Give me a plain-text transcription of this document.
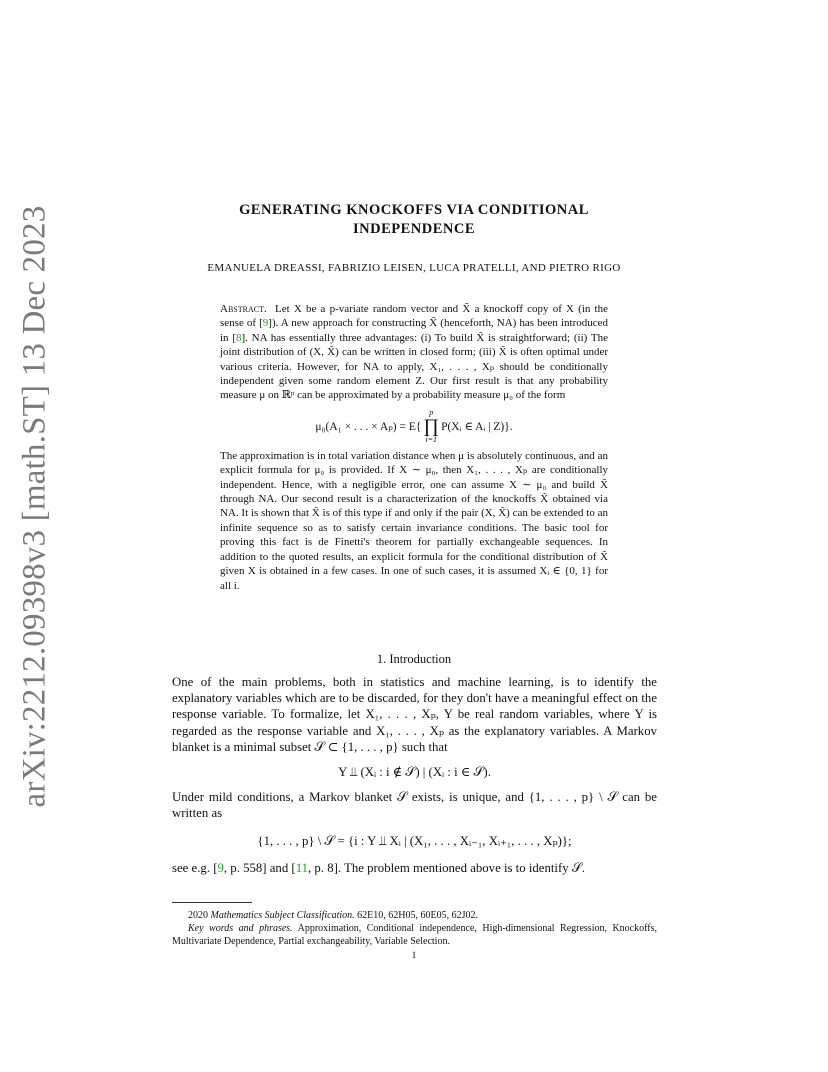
arXiv:2212.09398v3 [math.ST] 13 Dec 2023	GENERATING KNOCKOFFS VIA CONDITIONAL
INDEPENDENCE
EMANUELA DREASSI, FABRIZIO LEISEN, LUCA PRATELLI, AND PIETRO RIGO

Abstract. Let X be a p-variate random vector and X̃ a knockoff copy of X (in the sense of [9]). A new approach for constructing X̃ (henceforth, NA) has been introduced in [8]. NA has essentially three advantages: (i) To build X̃ is straightforward; (ii) The joint distribution of (X, X̃) can be written in closed form; (iii) X̃ is often optimal under various criteria. However, for NA to apply, X₁, . . . , Xₚ should be conditionally independent given some random element Z. Our first result is that any probability measure μ on ℝᵖ can be approximated by a probability measure μ₀ of the form

μ₀(A₁ × . . . × Aₚ) = E{
p
∏
i=1
P(Xᵢ ∈ Aᵢ | Z)}.

The approximation is in total variation distance when μ is absolutely continuous, and an explicit formula for μ₀ is provided. If X ∼ μ₀, then X₁, . . . , Xₚ are conditionally independent. Hence, with a negligible error, one can assume X ∼ μ₀ and build X̃ through NA. Our second result is a characterization of the knockoffs X̃ obtained via NA. It is shown that X̃ is of this type if and only if the pair (X, X̃) can be extended to an infinite sequence so as to satisfy certain invariance conditions. The basic tool for proving this fact is de Finetti's theorem for partially exchangeable sequences. In addition to the quoted results, an explicit formula for the conditional distribution of X̃ given X is obtained in a few cases. In one of such cases, it is assumed Xᵢ ∈ {0, 1} for all i.

1. Introduction

One of the main problems, both in statistics and machine learning, is to identify the explanatory variables which are to be discarded, for they don't have a meaningful effect on the response variable. To formalize, let X₁, . . . , Xₚ, Y be real random variables, where Y is regarded as the response variable and X₁, . . . , Xₚ as the explanatory variables. A Markov blanket is a minimal subset 𝒮 ⊂ {1, . . . , p} such that

Y ⫫ (Xᵢ : i ∉ 𝒮) | (Xᵢ : i ∈ 𝒮).

Under mild conditions, a Markov blanket 𝒮 exists, is unique, and {1, . . . , p} \ 𝒮 can be written as

{1, . . . , p} \ 𝒮 = {i : Y ⫫ Xᵢ | (X₁, . . . , Xᵢ₋₁, Xᵢ₊₁, . . . , Xₚ)};

see e.g. [9, p. 558] and [11, p. 8]. The problem mentioned above is to identify 𝒮.

2020 Mathematics Subject Classification. 62E10, 62H05, 60E05, 62J02.

Key words and phrases. Approximation, Conditional independence, High-dimensional Regression, Knockoffs, Multivariate Dependence, Partial exchangeability, Variable Selection.

1
